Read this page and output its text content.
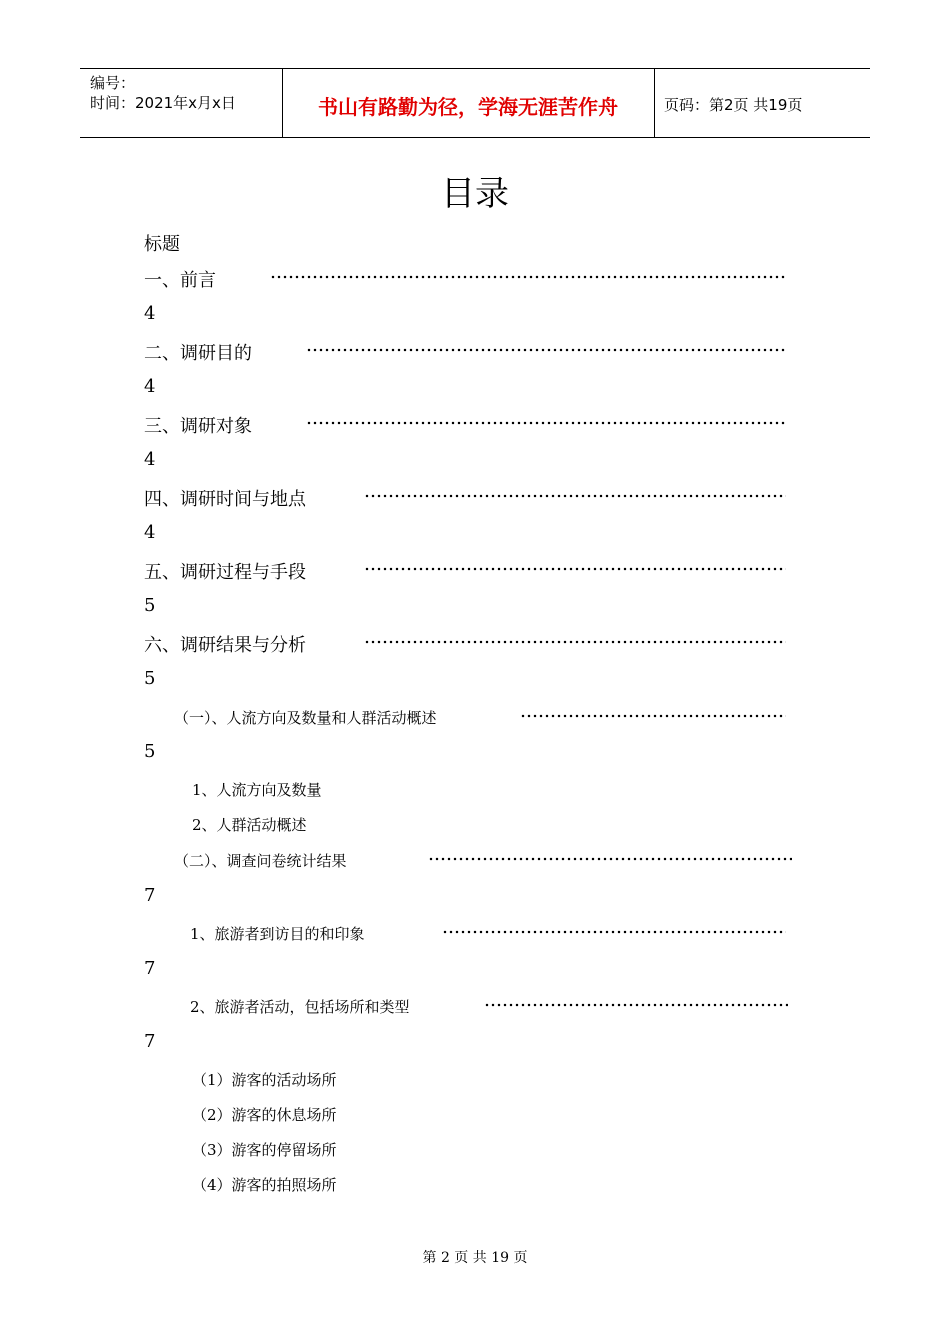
编号：
时间：2021年x月x日	书山有路勤为径，学海无涯苦作舟	页码：第2页 共19页
目录
标题
一、前言
4
二、调研目的
4
三、调研对象
4
四、调研时间与地点
4
五、调研过程与手段
5
六、调研结果与分析
5
（一）、人流方向及数量和人群活动概述
5
1、人流方向及数量
2、人群活动概述
（二）、调查问卷统计结果
7
1、旅游者到访目的和印象
7
2、旅游者活动，包括场所和类型
7
（1）游客的活动场所
（2）游客的休息场所
（3）游客的停留场所
（4）游客的拍照场所
第 2 页 共 19 页
